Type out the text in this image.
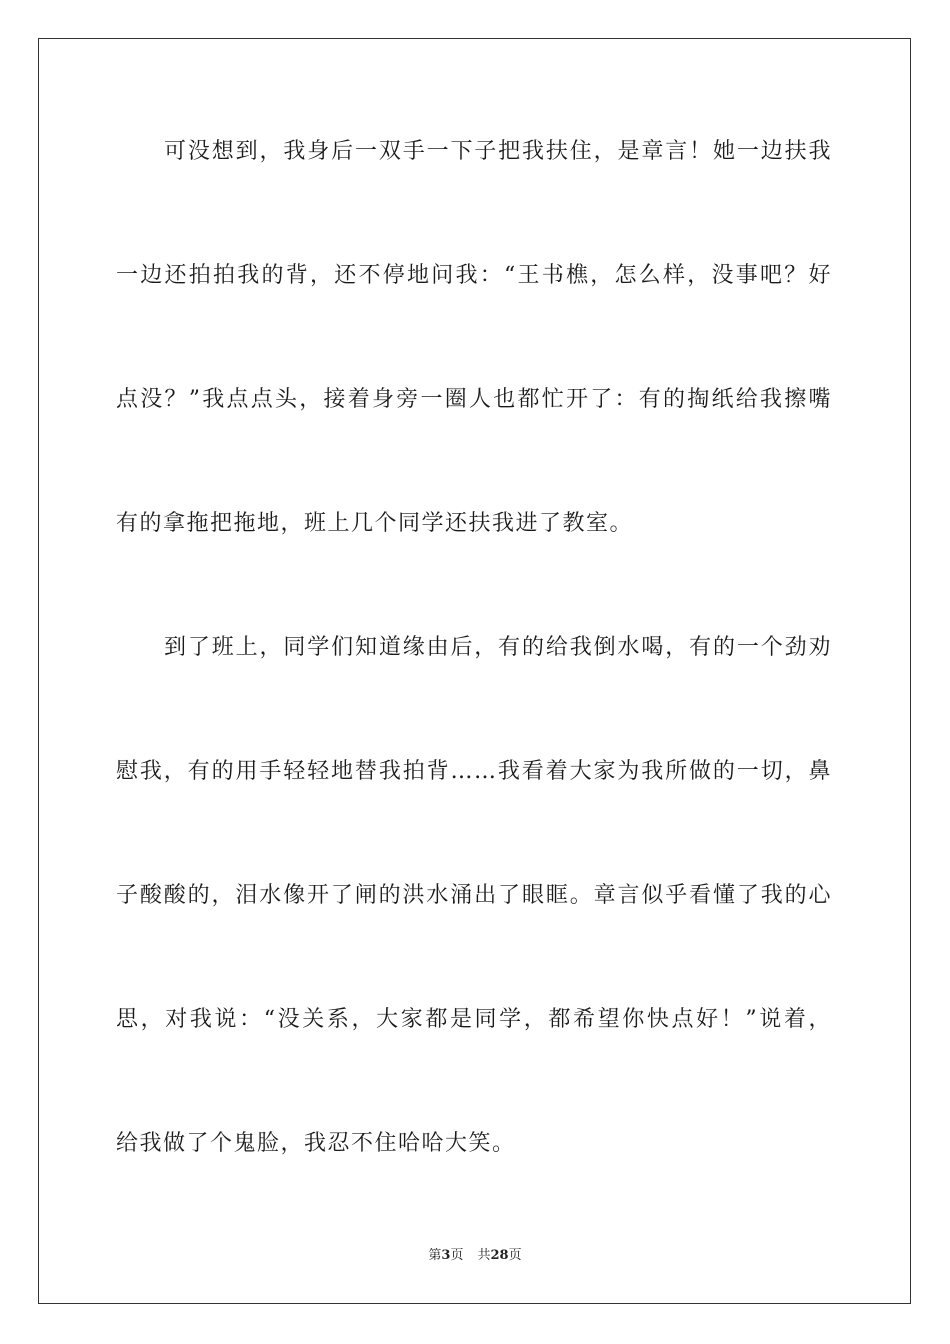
可没想到，我身后一双手一下子把我扶住，是章言！她一边扶我
一边还拍拍我的背，还不停地问我：“王书樵，怎么样，没事吧？好
点没？”我点点头，接着身旁一圈人也都忙开了：有的掏纸给我擦嘴
有的拿拖把拖地，班上几个同学还扶我进了教室。
到了班上，同学们知道缘由后，有的给我倒水喝，有的一个劲劝
慰我，有的用手轻轻地替我拍背……我看着大家为我所做的一切，鼻
子酸酸的，泪水像开了闸的洪水涌出了眼眶。章言似乎看懂了我的心
思，对我说：“没关系，大家都是同学，都希望你快点好！”说着，
给我做了个鬼脸，我忍不住哈哈大笑。
第3页 共28页
